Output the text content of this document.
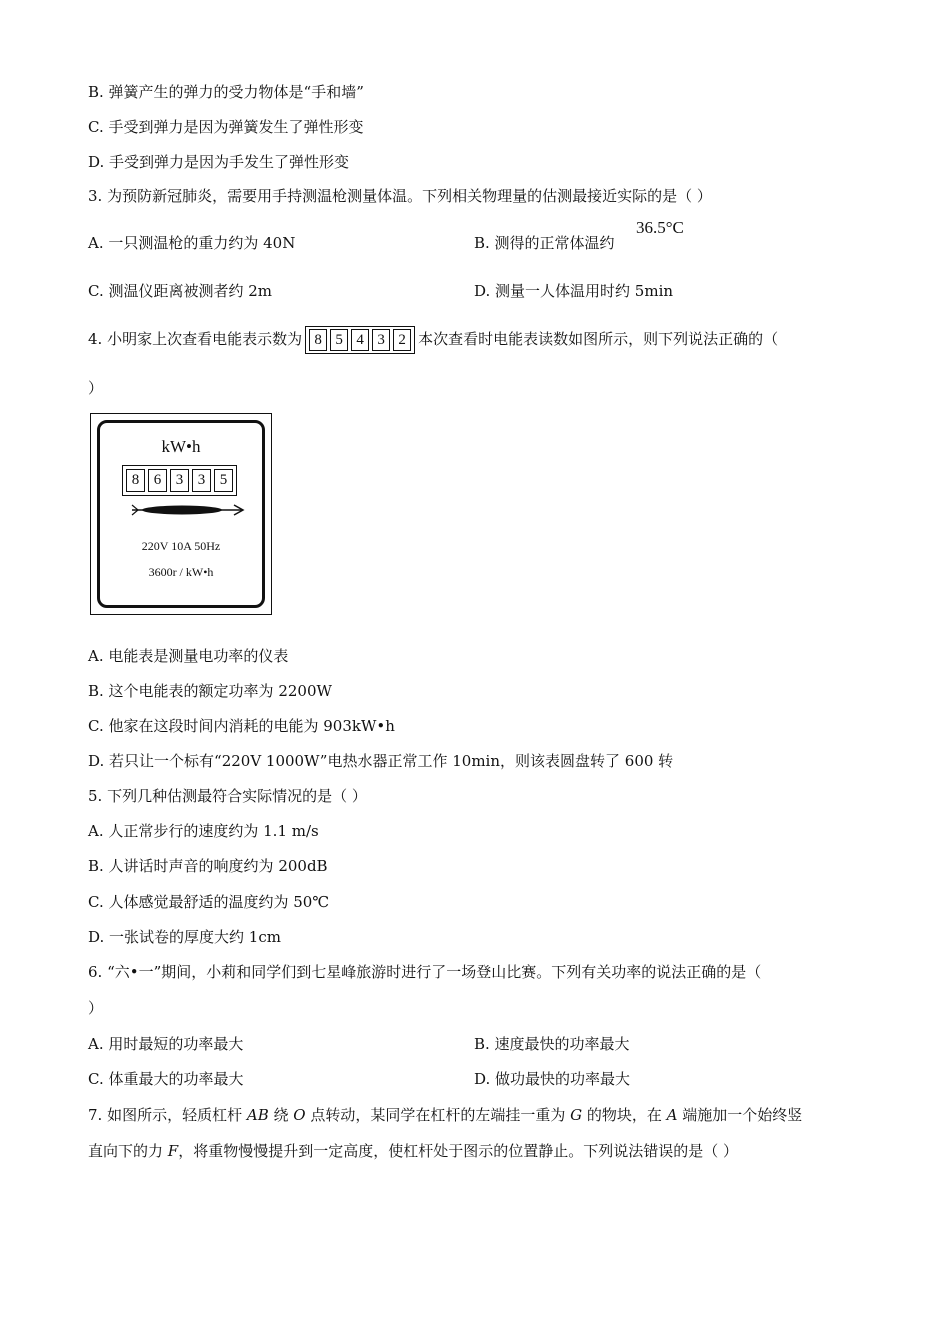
B. 弹簧产生的弹力的受力物体是“手和墙”
C. 手受到弹力是因为弹簧发生了弹性形变
D. 手受到弹力是因为手发生了弹性形变
3. 为预防新冠肺炎，需要用手持测温枪测量体温。下列相关物理量的估测最接近实际的是（ ）
A. 一只测温枪的重力约为 40N	B. 测得的正常体温约
36.5°C
C. 测温仪距离被测者约 2m	D. 测量一人体温用时约 5min
4. 小明家上次查看电能表示数为 8 5 4 3 2 本次查看时电能表读数如图所示，则下列说法正确的（
）
kW•h
8 6 3 3 5
220V 10A 50Hz
3600r / kW•h
A. 电能表是测量电功率的仪表
B. 这个电能表的额定功率为 2200W
C. 他家在这段时间内消耗的电能为 903kW•h
D. 若只让一个标有“220V 1000W”电热水器正常工作 10min，则该表圆盘转了 600 转
5. 下列几种估测最符合实际情况的是（ ）
A. 人正常步行的速度约为 1.1 m/s
B. 人讲话时声音的响度约为 200dB
C. 人体感觉最舒适的温度约为 50℃
D. 一张试卷的厚度大约 1cm
6. “六•一”期间，小莉和同学们到七星峰旅游时进行了一场登山比赛。下列有关功率的说法正确的是（
）
A. 用时最短的功率最大	B. 速度最快的功率最大
C. 体重最大的功率最大	D. 做功最快的功率最大
7. 如图所示，轻质杠杆 AB 绕 O 点转动，某同学在杠杆的左端挂一重为 G 的物块，在 A 端施加一个始终竖
直向下的力 F，将重物慢慢提升到一定高度，使杠杆处于图示的位置静止。下列说法错误的是（ ）
